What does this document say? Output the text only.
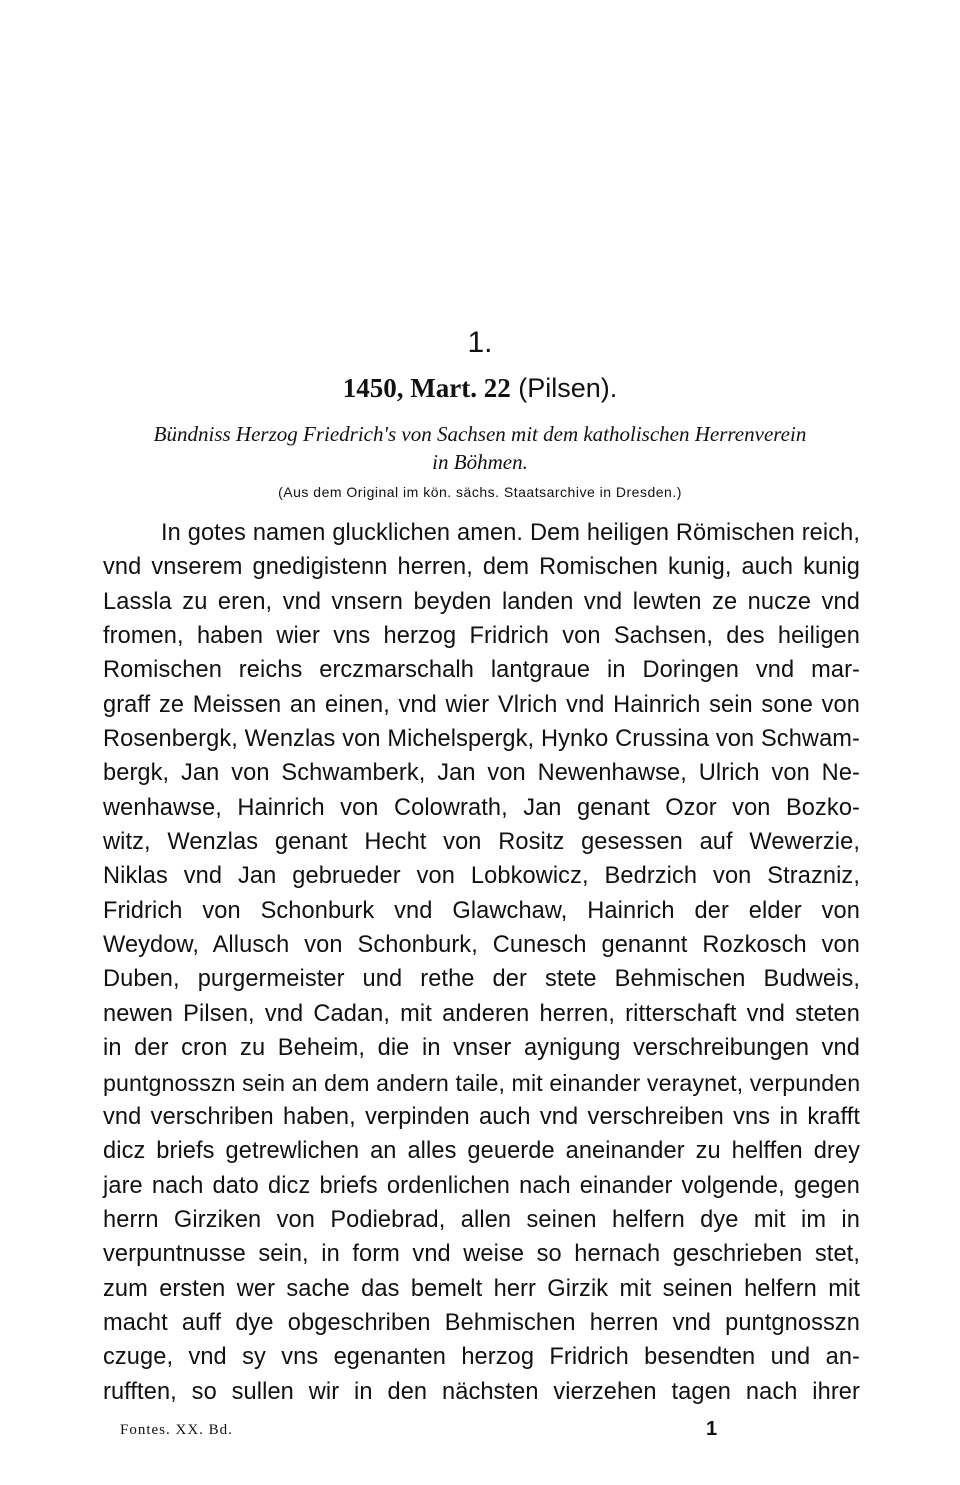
1.
1450, Mart. 22 (Pilsen).
Bündniss Herzog Friedrich's von Sachsen mit dem katholischen Herrenverein
in Böhmen.
(Aus dem Original im kön. sächs. Staatsarchive in Dresden.)
In gotes namen glucklichen amen. Dem heiligen Römischen reich,
vnd vnserem gnedigistenn herren, dem Romischen kunig, auch kunig
Lassla zu eren, vnd vnsern beyden landen vnd lewten ze nucze vnd
fromen, haben wier vns herzog Fridrich von Sachsen, des heiligen
Romischen reichs erczmarschalh lantgraue in Doringen vnd mar-
graff ze Meissen an einen, vnd wier Vlrich vnd Hainrich sein sone von
Rosenbergk, Wenzlas von Michelspergk, Hynko Crussina von Schwam-
bergk, Jan von Schwamberk, Jan von Newenhawse, Ulrich von Ne-
wenhawse, Hainrich von Colowrath, Jan genant Ozor von Bozko-
witz, Wenzlas genant Hecht von Rositz gesessen auf Wewerzie,
Niklas vnd Jan gebrueder von Lobkowicz, Bedrzich von Strazniz,
Fridrich von Schonburk vnd Glawchaw, Hainrich der elder von
Weydow, Allusch von Schonburk, Cunesch genannt Rozkosch von
Duben, purgermeister und rethe der stete Behmischen Budweis,
newen Pilsen, vnd Cadan, mit anderen herren, ritterschaft vnd steten
in der cron zu Beheim, die in vnser aynigung verschreibungen vnd
puntgnosszn sein an dem andern taile, mit einander veraynet, verpunden
vnd verschriben haben, verpinden auch vnd verschreiben vns in krafft
dicz briefs getrewlichen an alles geuerde aneinander zu helffen drey
jare nach dato dicz briefs ordenlichen nach einander volgende, gegen
herrn Girziken von Podiebrad, allen seinen helfern dye mit im in
verpuntnusse sein, in form vnd weise so hernach geschrieben stet,
zum ersten wer sache das bemelt herr Girzik mit seinen helfern mit
macht auff dye obgeschriben Behmischen herren vnd puntgnosszn
czuge, vnd sy vns egenanten herzog Fridrich besendten und an-
rufften, so sullen wir in den nächsten vierzehen tagen nach ihrer
Fontes. XX. Bd.	1
